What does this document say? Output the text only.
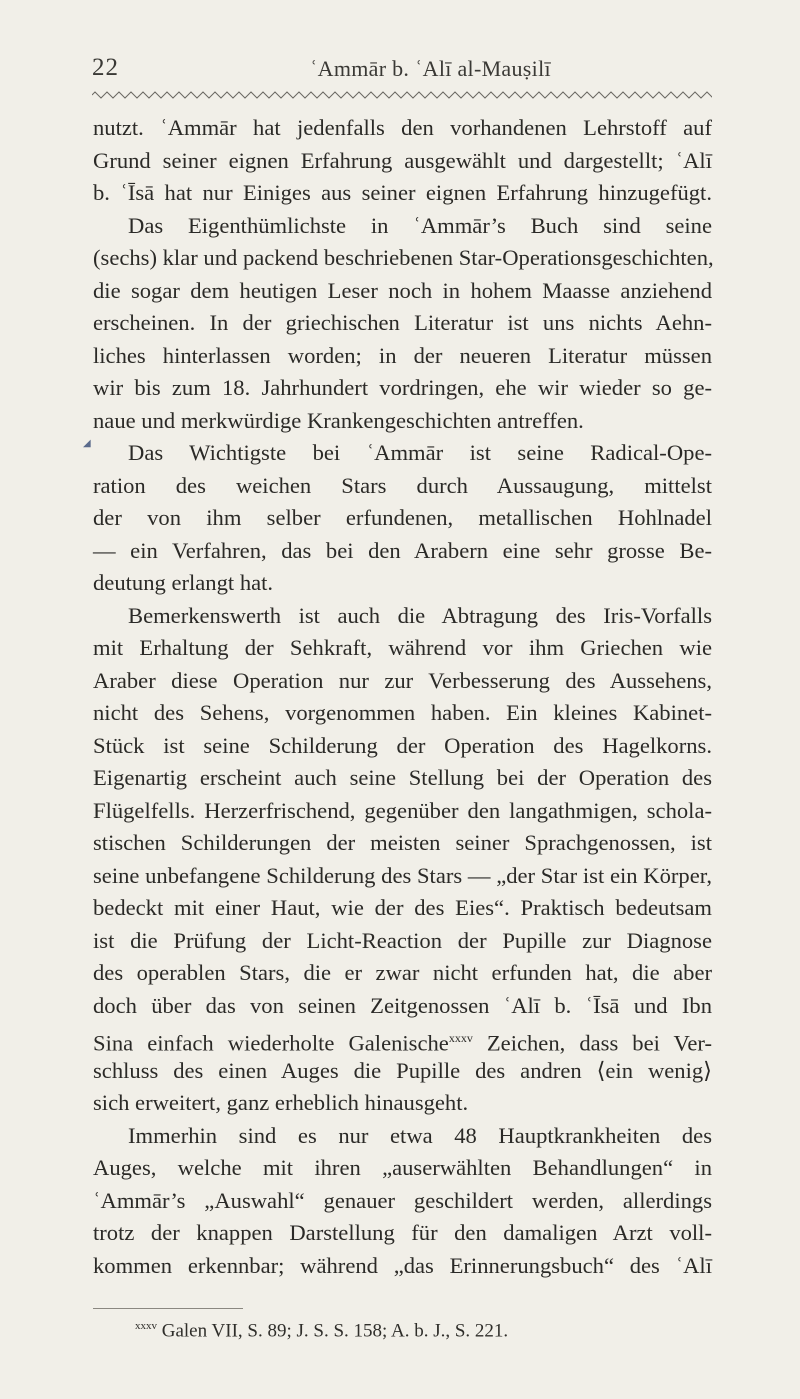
22	ʿAmmār b. ʿAlī al-Mauṣilī
◢
nutzt. ʿAmmār hat jedenfalls den vorhandenen Lehrstoff auf
Grund seiner eignen Erfahrung ausgewählt und dargestellt; ʿAlī
b. ʿĪsā hat nur Einiges aus seiner eignen Erfahrung hinzugefügt.
Das Eigenthümlichste in ʿAmmār’s Buch sind seine
(sechs) klar und packend beschriebenen Star-Operationsgeschichten,
die sogar dem heutigen Leser noch in hohem Maasse anziehend
erscheinen. In der griechischen Literatur ist uns nichts Aehn-
liches hinterlassen worden; in der neueren Literatur müssen
wir bis zum 18. Jahrhundert vordringen, ehe wir wieder so ge-
naue und merkwürdige Krankengeschichten antreffen.
Das Wichtigste bei ʿAmmār ist seine Radical-Ope-
ration des weichen Stars durch Aussaugung, mittelst
der von ihm selber erfundenen, metallischen Hohlnadel
— ein Verfahren, das bei den Arabern eine sehr grosse Be-
deutung erlangt hat.
Bemerkenswerth ist auch die Abtragung des Iris-Vorfalls
mit Erhaltung der Sehkraft, während vor ihm Griechen wie
Araber diese Operation nur zur Verbesserung des Aussehens,
nicht des Sehens, vorgenommen haben. Ein kleines Kabinet-
Stück ist seine Schilderung der Operation des Hagelkorns.
Eigenartig erscheint auch seine Stellung bei der Operation des
Flügelfells. Herzerfrischend, gegenüber den langathmigen, schola-
stischen Schilderungen der meisten seiner Sprachgenossen, ist
seine unbefangene Schilderung des Stars — „der Star ist ein Körper,
bedeckt mit einer Haut, wie der des Eies“. Praktisch bedeutsam
ist die Prüfung der Licht-Reaction der Pupille zur Diagnose
des operablen Stars, die er zwar nicht erfunden hat, die aber
doch über das von seinen Zeitgenossen ʿAlī b. ʿĪsā und Ibn
Sina einfach wiederholte Galenische$^{xxxv}$ Zeichen, dass bei Ver-
schluss des einen Auges die Pupille des andren ⟨ein wenig⟩
sich erweitert, ganz erheblich hinausgeht.
Immerhin sind es nur etwa 48 Hauptkrankheiten des
Auges, welche mit ihren „auserwählten Behandlungen“ in
ʿAmmār’s „Auswahl“ genauer geschildert werden, allerdings
trotz der knappen Darstellung für den damaligen Arzt voll-
kommen erkennbar; während „das Erinnerungsbuch“ des ʿAlī
$^{xxxv}$ Galen VII, S. 89; J. S. S. 158; A. b. J., S. 221.
